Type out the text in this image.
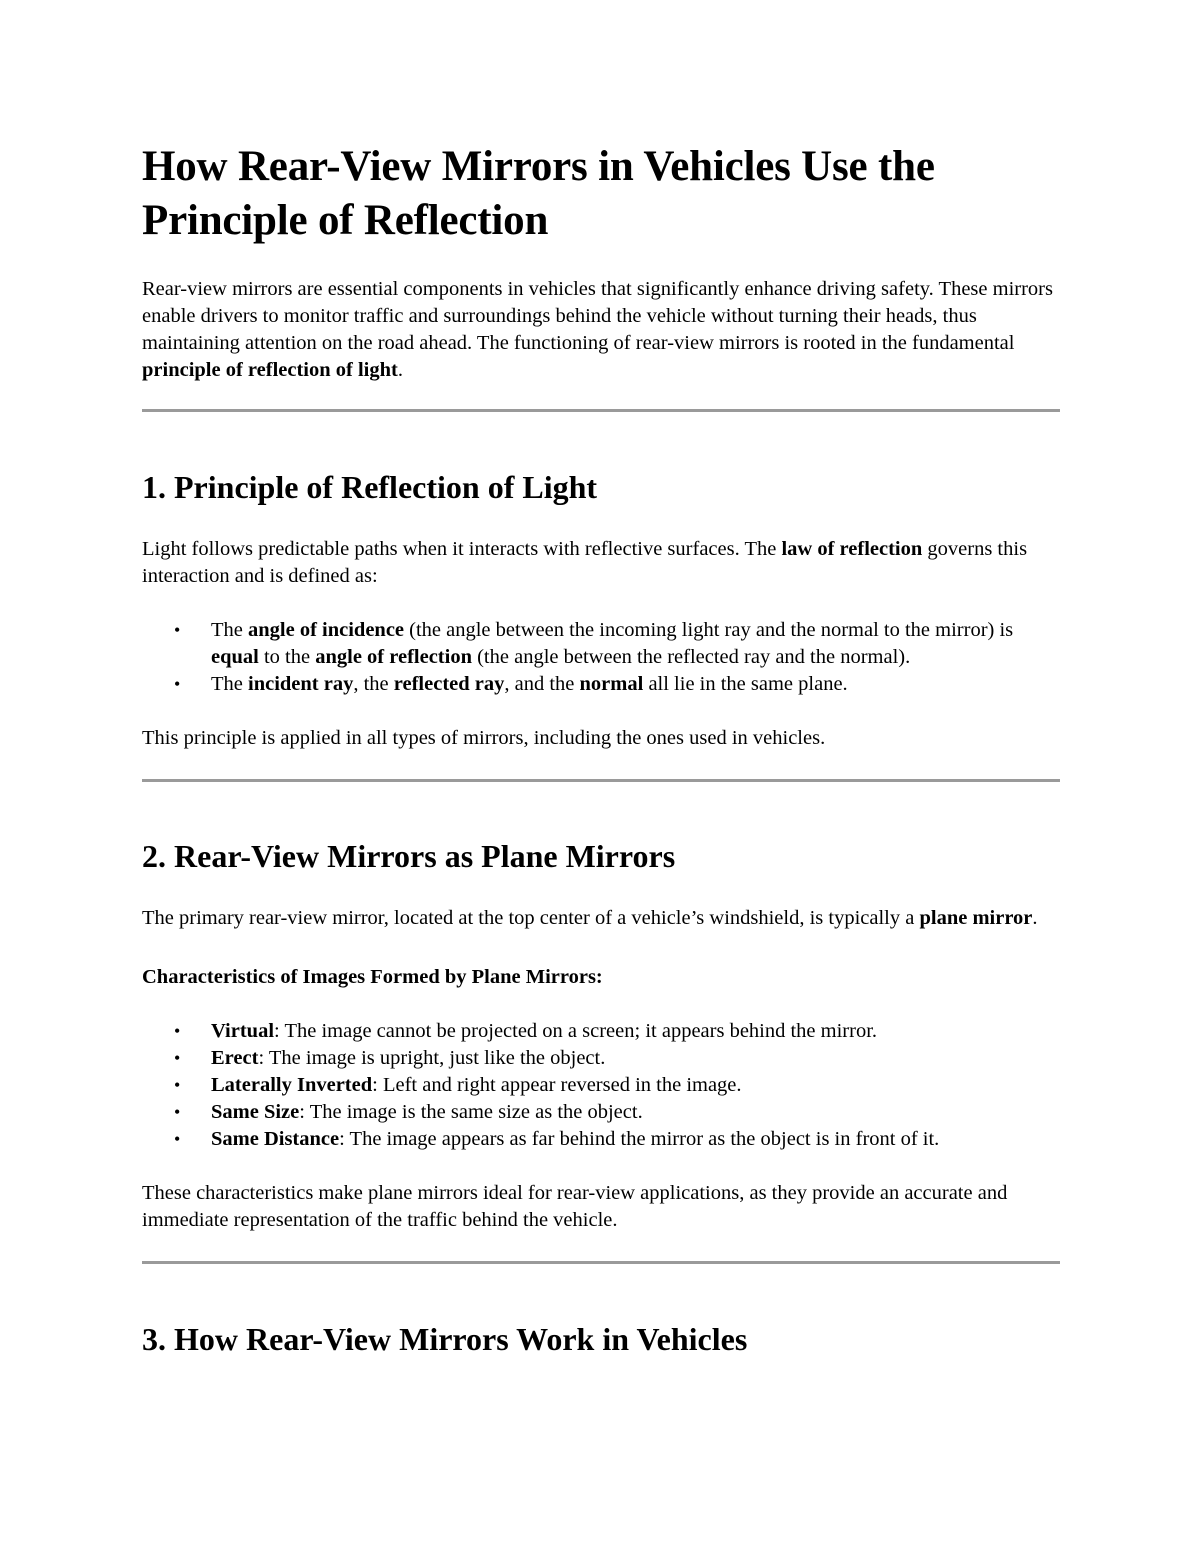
How Rear-View Mirrors in Vehicles Use the Principle of Reflection

Rear-view mirrors are essential components in vehicles that significantly enhance driving safety. These mirrors enable drivers to monitor traffic and surroundings behind the vehicle without turning their heads, thus maintaining attention on the road ahead. The functioning of rear-view mirrors is rooted in the fundamental principle of reflection of light.

1. Principle of Reflection of Light

Light follows predictable paths when it interacts with reflective surfaces. The law of reflection governs this interaction and is defined as:

• The angle of incidence (the angle between the incoming light ray and the normal to the mirror) is equal to the angle of reflection (the angle between the reflected ray and the normal).
• The incident ray, the reflected ray, and the normal all lie in the same plane.

This principle is applied in all types of mirrors, including the ones used in vehicles.

2. Rear-View Mirrors as Plane Mirrors

The primary rear-view mirror, located at the top center of a vehicle’s windshield, is typically a plane mirror.

Characteristics of Images Formed by Plane Mirrors:
• Virtual: The image cannot be projected on a screen; it appears behind the mirror.
• Erect: The image is upright, just like the object.
• Laterally Inverted: Left and right appear reversed in the image.
• Same Size: The image is the same size as the object.
• Same Distance: The image appears as far behind the mirror as the object is in front of it.

These characteristics make plane mirrors ideal for rear-view applications, as they provide an accurate and immediate representation of the traffic behind the vehicle.

3. How Rear-View Mirrors Work in Vehicles
